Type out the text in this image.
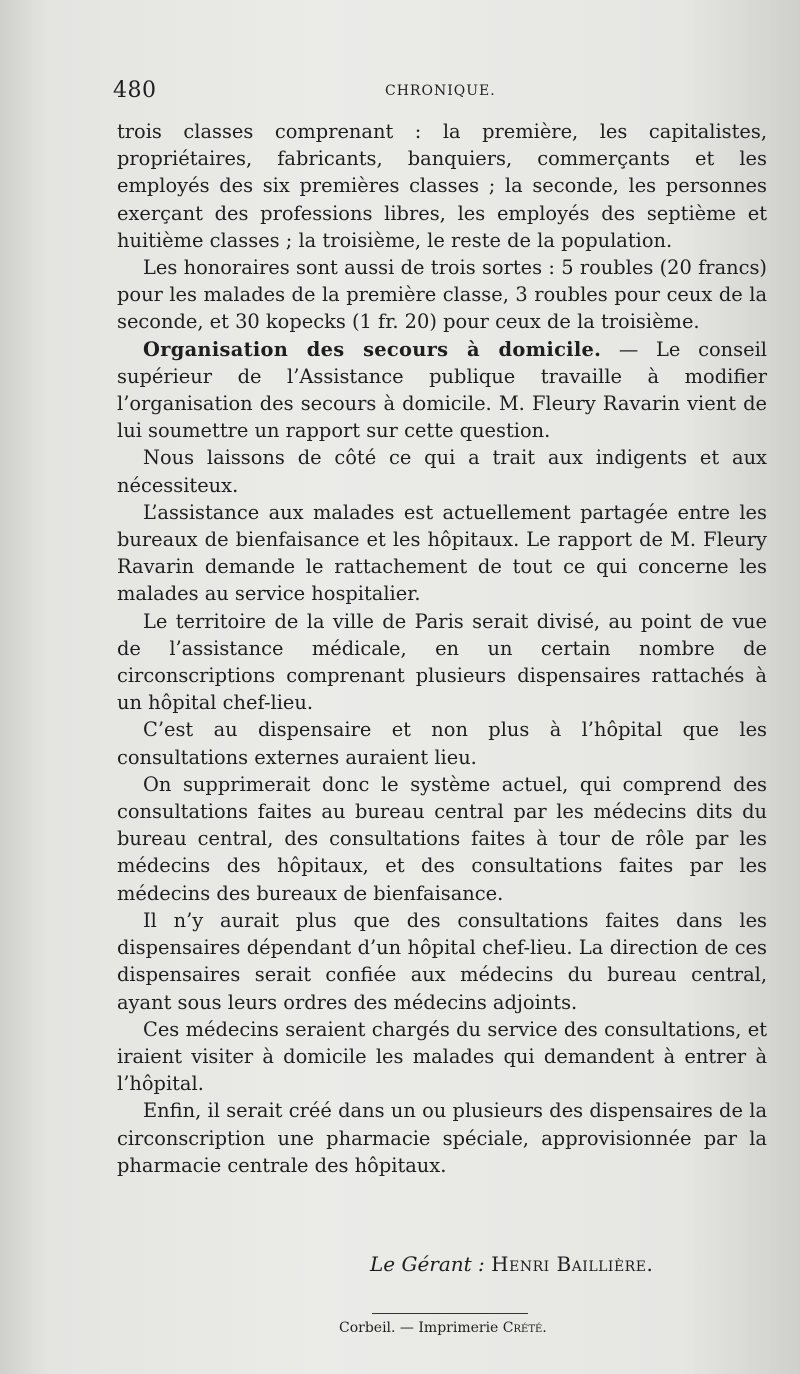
480	CHRONIQUE.

trois classes comprenant : la première, les capitalistes, propriétaires, fabricants, banquiers, commerçants et les employés des six premières classes ; la seconde, les personnes exerçant des professions libres, les employés des septième et huitième classes ; la troisième, le reste de la population.

Les honoraires sont aussi de trois sortes : 5 roubles (20 francs) pour les malades de la première classe, 3 roubles pour ceux de la seconde, et 30 kopecks (1 fr. 20) pour ceux de la troisième.

Organisation des secours à domicile. — Le conseil supérieur de l’Assistance publique travaille à modifier l’organisation des secours à domicile. M. Fleury Ravarin vient de lui soumettre un rapport sur cette question.

Nous laissons de côté ce qui a trait aux indigents et aux nécessiteux.

L’assistance aux malades est actuellement partagée entre les bureaux de bienfaisance et les hôpitaux. Le rapport de M. Fleury Ravarin demande le rattachement de tout ce qui concerne les malades au service hospitalier.

Le territoire de la ville de Paris serait divisé, au point de vue de l’assistance médicale, en un certain nombre de circonscriptions comprenant plusieurs dispensaires rattachés à un hôpital chef-lieu.

C’est au dispensaire et non plus à l’hôpital que les consultations externes auraient lieu.

On supprimerait donc le système actuel, qui comprend des consultations faites au bureau central par les médecins dits du bureau central, des consultations faites à tour de rôle par les médecins des hôpitaux, et des consultations faites par les médecins des bureaux de bienfaisance.

Il n’y aurait plus que des consultations faites dans les dispensaires dépendant d’un hôpital chef-lieu. La direction de ces dispensaires serait confiée aux médecins du bureau central, ayant sous leurs ordres des médecins adjoints.

Ces médecins seraient chargés du service des consultations, et iraient visiter à domicile les malades qui demandent à entrer à l’hôpital.

Enfin, il serait créé dans un ou plusieurs des dispensaires de la circonscription une pharmacie spéciale, approvisionnée par la pharmacie centrale des hôpitaux.

Le Gérant : Henri Baillière.
Corbeil. — Imprimerie Crété.
